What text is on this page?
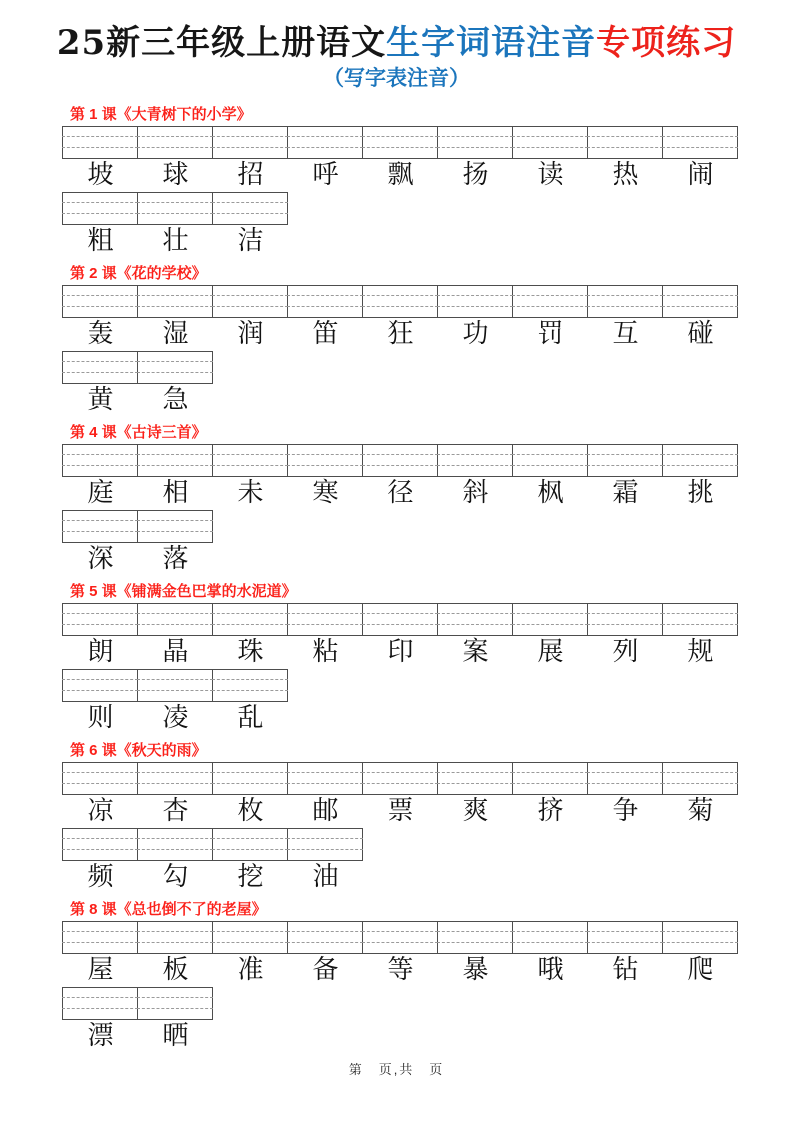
25新三年级上册语文生字词语注音专项练习
（写字表注音）
第 1 课《大青树下的小学》
坡	球	招	呼	飘	扬	读	热	闹
粗	壮	洁
第 2 课《花的学校》
轰	湿	润	笛	狂	功	罚	互	碰
黄	急
第 4 课《古诗三首》
庭	相	未	寒	径	斜	枫	霜	挑
深	落
第 5 课《铺满金色巴掌的水泥道》
朗	晶	珠	粘	印	案	展	列	规
则	凌	乱
第 6 课《秋天的雨》
凉	杏	枚	邮	票	爽	挤	争	菊
频	勾	挖	油
第 8 课《总也倒不了的老屋》
屋	板	准	备	等	暴	哦	钻	爬
漂	晒
第　页,共　页
